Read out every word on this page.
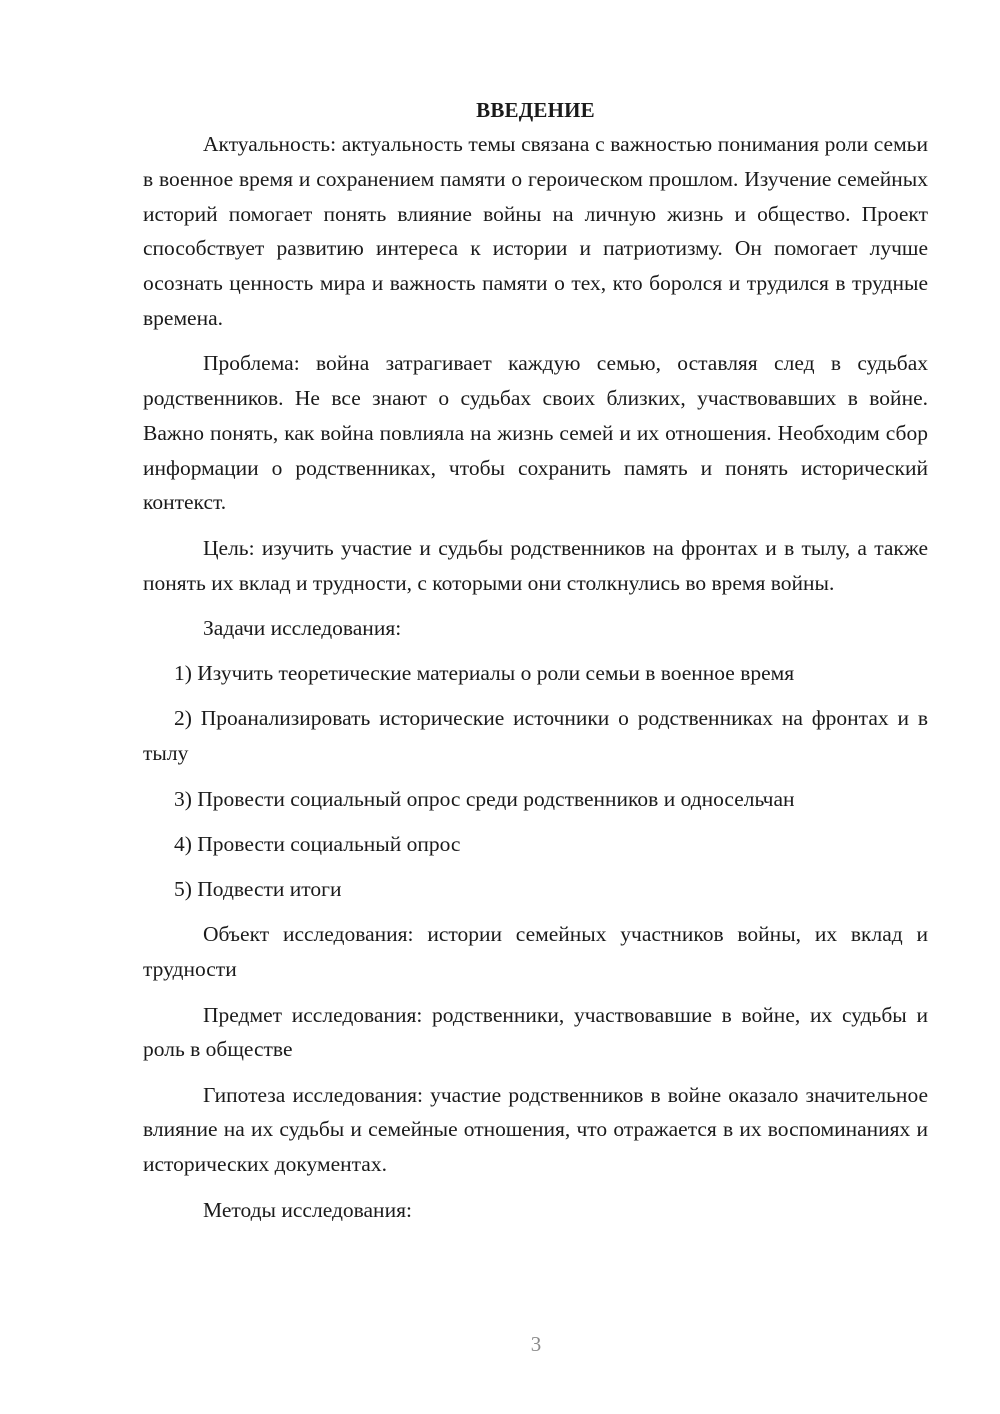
ВВЕДЕНИЕ

Актуальность: актуальность темы связана с важностью понимания роли семьи в военное время и сохранением памяти о героическом прошлом. Изучение семейных историй помогает понять влияние войны на личную жизнь и общество. Проект способствует развитию интереса к истории и патриотизму. Он помогает лучше осознать ценность мира и важность памяти о тех, кто боролся и трудился в трудные времена.

Проблема: война затрагивает каждую семью, оставляя след в судьбах родственников. Не все знают о судьбах своих близких, участвовавших в войне. Важно понять, как война повлияла на жизнь семей и их отношения. Необходим сбор информации о родственниках, чтобы сохранить память и понять исторический контекст.

Цель: изучить участие и судьбы родственников на фронтах и в тылу, а также понять их вклад и трудности, с которыми они столкнулись во время войны.

Задачи исследования:

1) Изучить теоретические материалы о роли семьи в военное время

2) Проанализировать исторические источники о родственниках на фронтах и в тылу

3) Провести социальный опрос среди родственников и односельчан

4) Провести социальный опрос

5) Подвести итоги

Объект исследования: истории семейных участников войны, их вклад и трудности

Предмет исследования: родственники, участвовавшие в войне, их судьбы и роль в обществе

Гипотеза исследования: участие родственников в войне оказало значительное влияние на их судьбы и семейные отношения, что отражается в их воспоминаниях и исторических документах.

Методы исследования:

3
